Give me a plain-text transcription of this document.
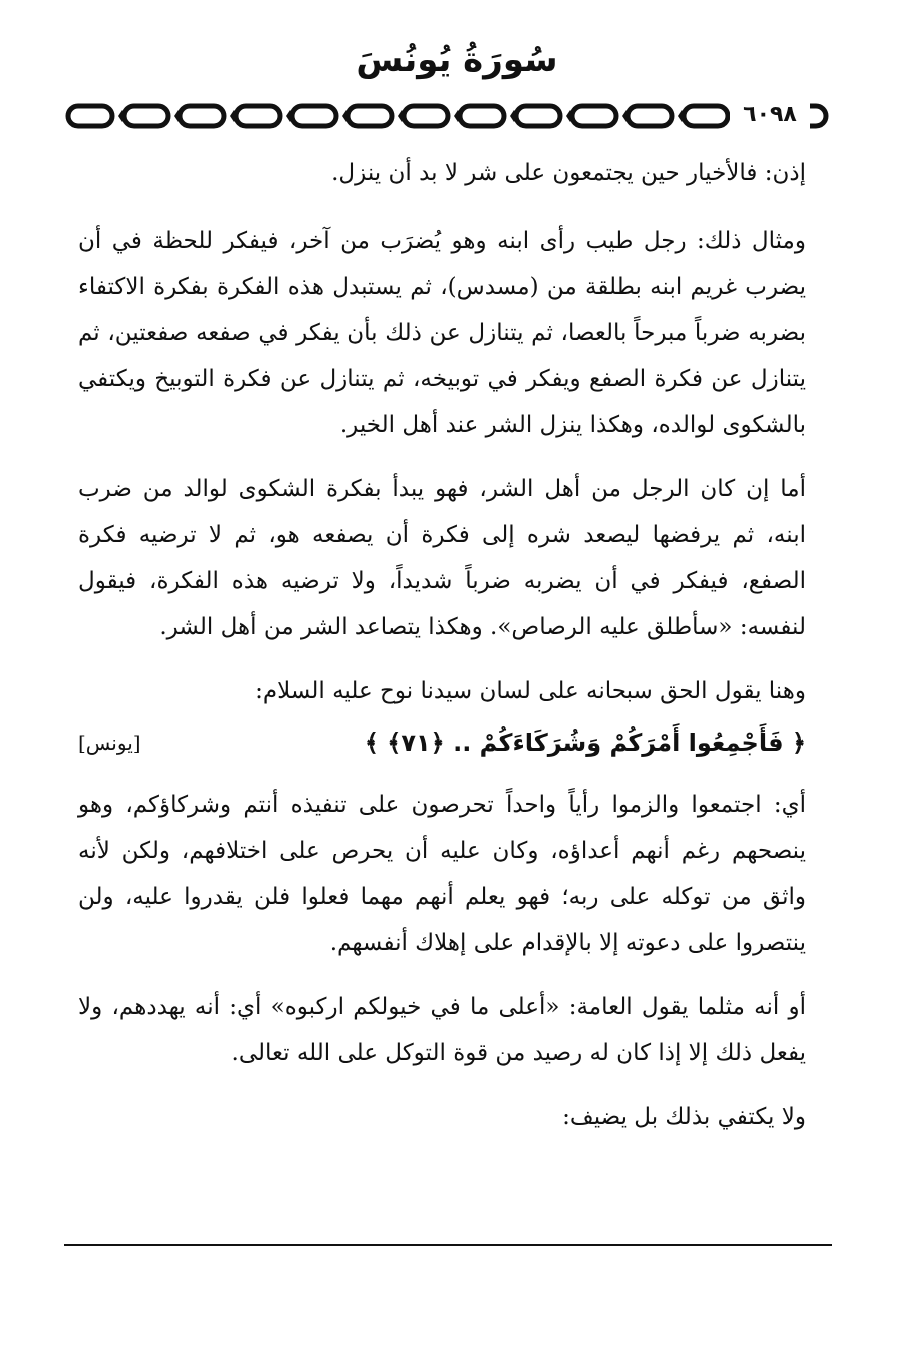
سُورَةُ يُونُسَ
٦٠٩٨

إذن: فالأخيار حين يجتمعون على شر لا بد أن ينزل.

ومثال ذلك: رجل طيب رأى ابنه وهو يُضرَب من آخر، فيفكر للحظة في أن يضرب غريم ابنه بطلقة من (مسدس)، ثم يستبدل هذه الفكرة بفكرة الاكتفاء بضربه ضرباً مبرحاً بالعصا، ثم يتنازل عن ذلك بأن يفكر في صفعه صفعتين، ثم يتنازل عن فكرة الصفع ويفكر في توبيخه، ثم يتنازل عن فكرة التوبيخ ويكتفي بالشكوى لوالده، وهكذا ينزل الشر عند أهل الخير.

أما إن كان الرجل من أهل الشر، فهو يبدأ بفكرة الشكوى لوالد من ضرب ابنه، ثم يرفضها ليصعد شره إلى فكرة أن يصفعه هو، ثم لا ترضيه فكرة الصفع، فيفكر في أن يضربه ضرباً شديداً، ولا ترضيه هذه الفكرة، فيقول لنفسه: «سأطلق عليه الرصاص». وهكذا يتصاعد الشر من أهل الشر.

وهنا يقول الحق سبحانه على لسان سيدنا نوح عليه السلام:

﴿ فَأَجْمِعُوا أَمْرَكُمْ وَشُرَكَاءَكُمْ .. ﴿٧١﴾ ﴾
[يونس]

أي: اجتمعوا والزموا رأياً واحداً تحرصون على تنفيذه أنتم وشركاؤكم، وهو ينصحهم رغم أنهم أعداؤه، وكان عليه أن يحرص على اختلافهم، ولكن لأنه واثق من توكله على ربه؛ فهو يعلم أنهم مهما فعلوا فلن يقدروا عليه، ولن ينتصروا على دعوته إلا بالإقدام على إهلاك أنفسهم.

أو أنه مثلما يقول العامة: «أعلى ما في خيولكم اركبوه» أي: أنه يهددهم، ولا يفعل ذلك إلا إذا كان له رصيد من قوة التوكل على الله تعالى.

ولا يكتفي بذلك بل يضيف:
